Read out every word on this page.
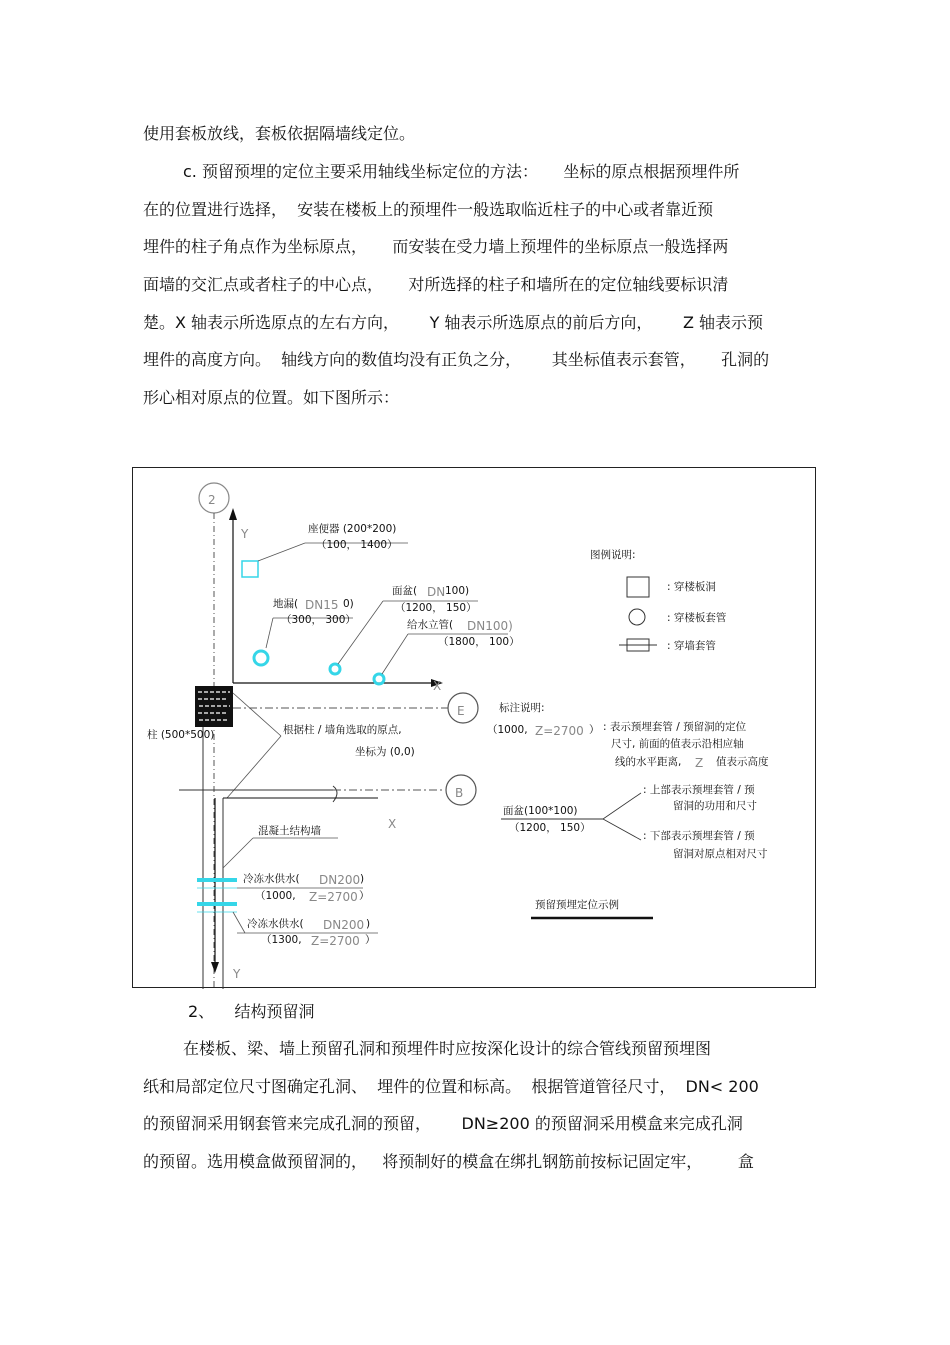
使用套板放线，套板依据隔墙线定位。
c. 预留预埋的定位主要采用轴线坐标定位的方法：     坐标的原点根据预埋件所
在的位置进行选择，  安装在楼板上的预埋件一般选取临近柱子的中心或者靠近预
埋件的柱子角点作为坐标原点，     而安装在受力墙上预埋件的坐标原点一般选择两
面墙的交汇点或者柱子的中心点，     对所选择的柱子和墙所在的定位轴线要标识清
楚。X 轴表示所选原点的左右方向，      Y 轴表示所选原点的前后方向，      Z 轴表示预
埋件的高度方向。  轴线方向的数值均没有正负之分，      其坐标值表示套管，     孔洞的
形心相对原点的位置。如下图所示：
2
Y
X
座便器 (200*200)
（100， 1400）
地漏( DN15 0)
（300， 300）
面盆( DN 100)
（1200， 150）
给水立管( DN100)
（1800， 100）
柱 (500*500)
E
根据柱 / 墙角选取的原点,
坐标为 (0,0)
B
X
Y
混凝土结构墙
冷冻水供水( DN200 )
（1000, Z=2700 ）
冷冻水供水( DN200 )
（1300, Z=2700 ）
图例说明:
: 穿楼板洞
: 穿楼板套管
: 穿墙套管
标注说明:
（1000, Z=2700 ） : 表示预埋套管 / 预留洞的定位
尺寸, 前面的值表示沿相应轴
线的水平距离, Z 值表示高度
面盆(100*100)
（1200， 150）
: 上部表示预埋套管 / 预
留洞的功用和尺寸
: 下部表示预埋套管 / 预
留洞对原点相对尺寸
预留预埋定位示例
2、    结构预留洞
在楼板、梁、墙上预留孔洞和预埋件时应按深化设计的综合管线预留预埋图
纸和局部定位尺寸图确定孔洞、  埋件的位置和标高。  根据管道管径尺寸，  DN< 200
的预留洞采用钢套管来完成孔洞的预留，      DN≥200 的预留洞采用模盒来完成孔洞
的预留。选用模盒做预留洞的，   将预制好的模盒在绑扎钢筋前按标记固定牢，       盒
